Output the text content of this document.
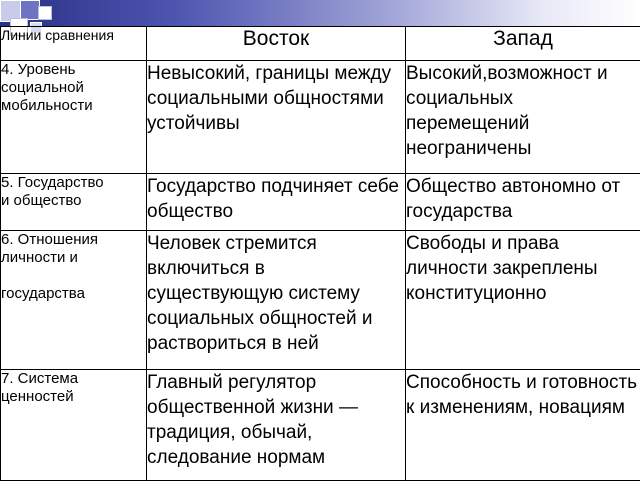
Линии сравнения	Восток	Запад
4. Уровень
социальной
мобильности	Невысокий, границы между социальными общностями устойчивы	Высокий,возможност и социальных перемещений неограничены
5. Государство
и общество	Государство подчиняет себе общество	Общество автономно от государства
6. Отношения
личности и
государства	Человек стремится включиться в существующую систему социальных общностей и раствориться в ней	Свободы и права личности закреплены конституционно
7. Система
ценностей	Главный регулятор общественной жизни — традиция, обычай, следование нормам	Способность и готовность к изменениям, новациям
